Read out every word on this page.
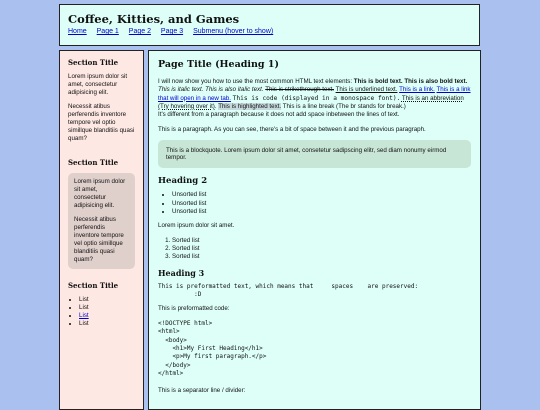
Coffee, Kitties, and Games
Home Page 1 Page 2 Page 3 Submenu (hover to show)
Section Title

Lorem ipsum dolor sit amet, consectetur adipisicing elit.

Necessit atibus perferendis inventore tempore vel optio simillque blanditiis quasi quam?

Section Title

Lorem ipsum dolor sit amet, consectetur adipisicing elit.

Necessit atibus perferendis inventore tempore vel optio simillque blanditiis quasi quam?

Section Title
• List
• List
• List
• List
Page Title (Heading 1)

I will now show you how to use the most common HTML text elements: This is bold text. This is also bold text. This is italic text. This is also italic text. This is strikethrough text. This is underlined text. This is a link. This is a link that will open in a new tab. This is code (displayed in a monospace font). This is an abbreviation (Try hovering over it). This is highlighted text. This is a line break (The br stands for break.)
It's different from a paragraph because it does not add space inbetween the lines of text.

This is a paragraph. As you can see, there's a bit of space between it and the previous paragraph.

This is a blockquote. Lorem ipsum dolor sit amet, consetetur sadipscing elitr, sed diam nonumy eirmod tempor.
Heading 2
• Unsorted list
• Unsorted list
• Unsorted list

Lorem ipsum dolor sit amet.

1. Sorted list
2. Sorted list
3. Sorted list
Heading 3
This is preformatted text, which means that     spaces    are preserved:
:D

This is preformatted code:

<!DOCTYPE html>
<html>
<body>
<h1>My First Heading</h1>
<p>My first paragraph.</p>
</body>
</html>

This is a separator line / divider:
